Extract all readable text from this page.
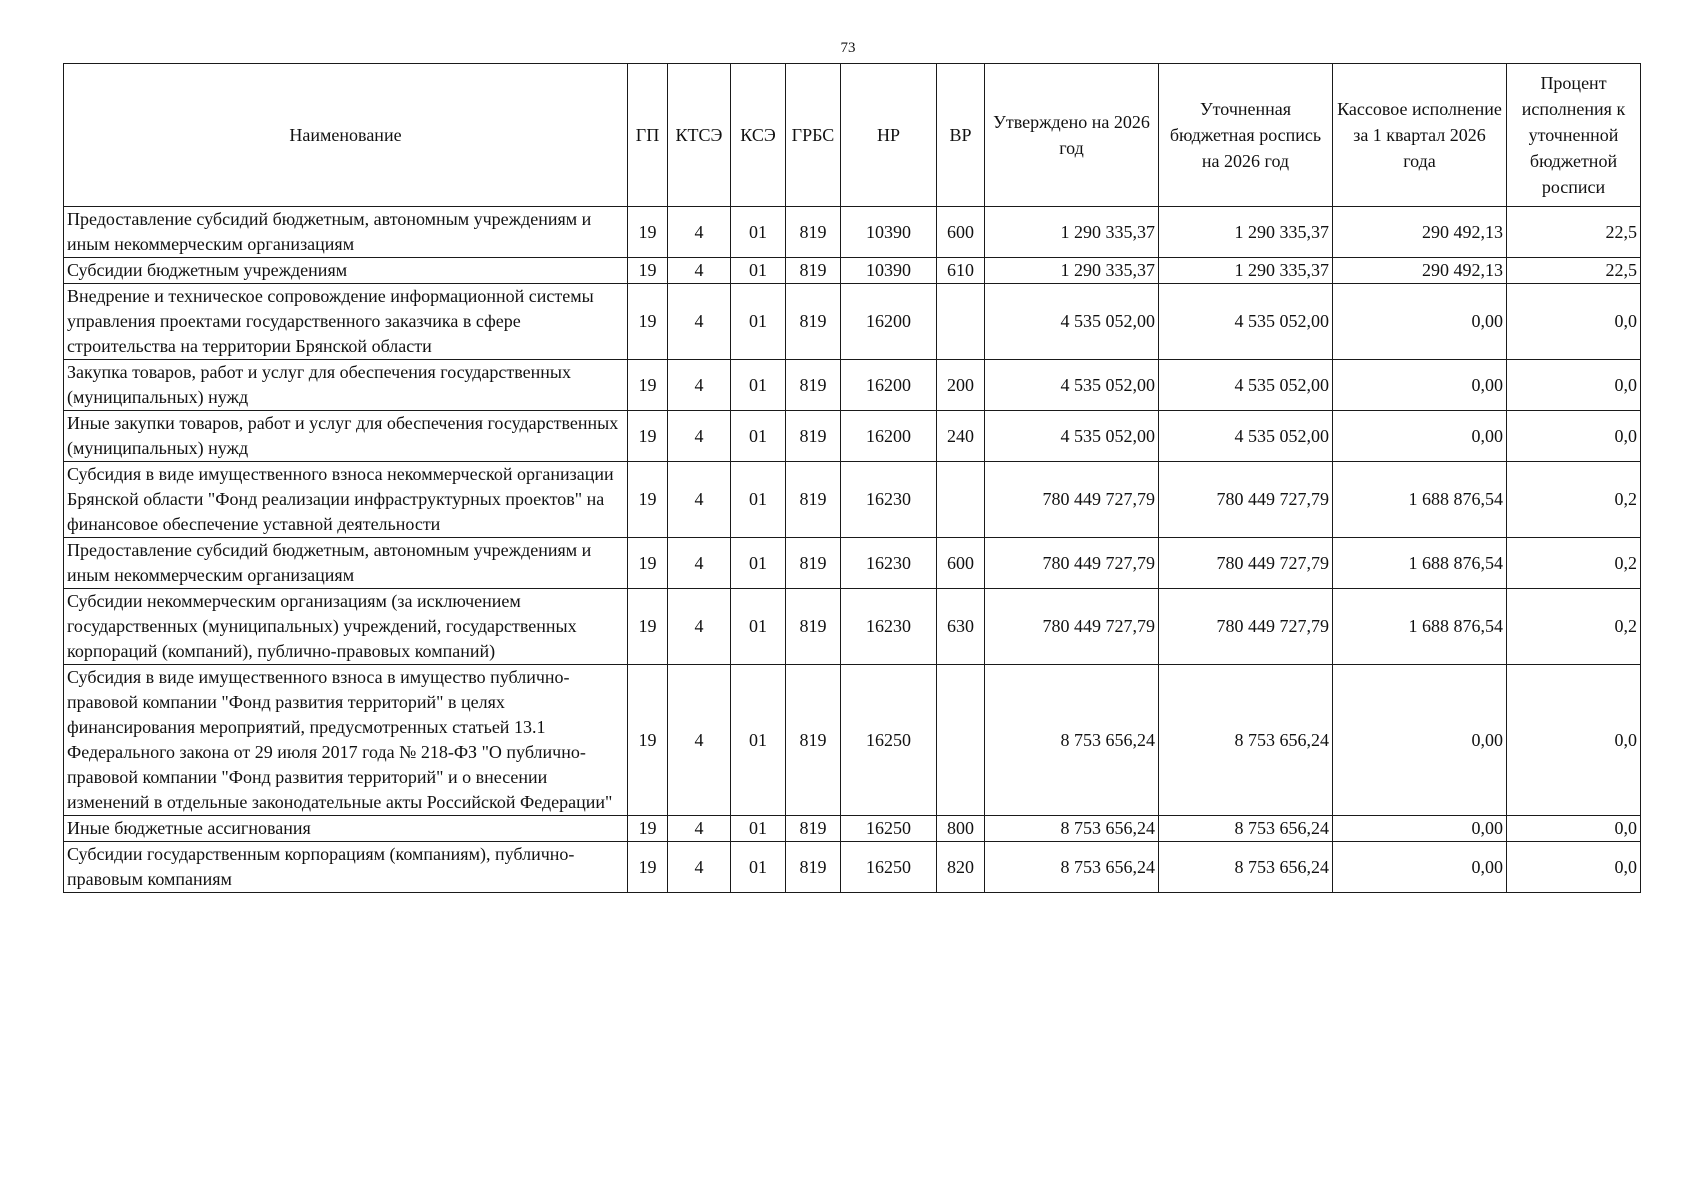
73
Наименование	ГП	КТСЭ	КСЭ	ГРБС	НР	ВР	Утверждено на 2026 год	Уточненная бюджетная роспись на 2026 год	Кассовое исполнение за 1 квартал 2026 года	Процент исполнения к уточненной бюджетной росписи
Предоставление субсидий бюджетным, автономным учреждениям и иным некоммерческим организациям	19	4	01	819	10390	600	1 290 335,37	1 290 335,37	290 492,13	22,5
Субсидии бюджетным учреждениям	19	4	01	819	10390	610	1 290 335,37	1 290 335,37	290 492,13	22,5
Внедрение и техническое сопровождение информационной системы управления проектами государственного заказчика в сфере строительства на территории Брянской области	19	4	01	819	16200		4 535 052,00	4 535 052,00	0,00	0,0
Закупка товаров, работ и услуг для обеспечения государственных (муниципальных) нужд	19	4	01	819	16200	200	4 535 052,00	4 535 052,00	0,00	0,0
Иные закупки товаров, работ и услуг для обеспечения государственных (муниципальных) нужд	19	4	01	819	16200	240	4 535 052,00	4 535 052,00	0,00	0,0
Субсидия в виде имущественного взноса некоммерческой организации Брянской области "Фонд реализации инфраструктурных проектов" на финансовое обеспечение уставной деятельности	19	4	01	819	16230		780 449 727,79	780 449 727,79	1 688 876,54	0,2
Предоставление субсидий бюджетным, автономным учреждениям и иным некоммерческим организациям	19	4	01	819	16230	600	780 449 727,79	780 449 727,79	1 688 876,54	0,2
Субсидии некоммерческим организациям (за исключением государственных (муниципальных) учреждений, государственных корпораций (компаний), публично-правовых компаний)	19	4	01	819	16230	630	780 449 727,79	780 449 727,79	1 688 876,54	0,2
Субсидия в виде имущественного взноса в имущество публично-правовой компании "Фонд развития территорий" в целях финансирования мероприятий, предусмотренных статьей 13.1 Федерального закона от 29 июля 2017 года № 218-ФЗ "О публично-правовой компании "Фонд развития территорий" и о внесении изменений в отдельные законодательные акты Российской Федерации"	19	4	01	819	16250		8 753 656,24	8 753 656,24	0,00	0,0
Иные бюджетные ассигнования	19	4	01	819	16250	800	8 753 656,24	8 753 656,24	0,00	0,0
Субсидии государственным корпорациям (компаниям), публично-правовым компаниям	19	4	01	819	16250	820	8 753 656,24	8 753 656,24	0,00	0,0
